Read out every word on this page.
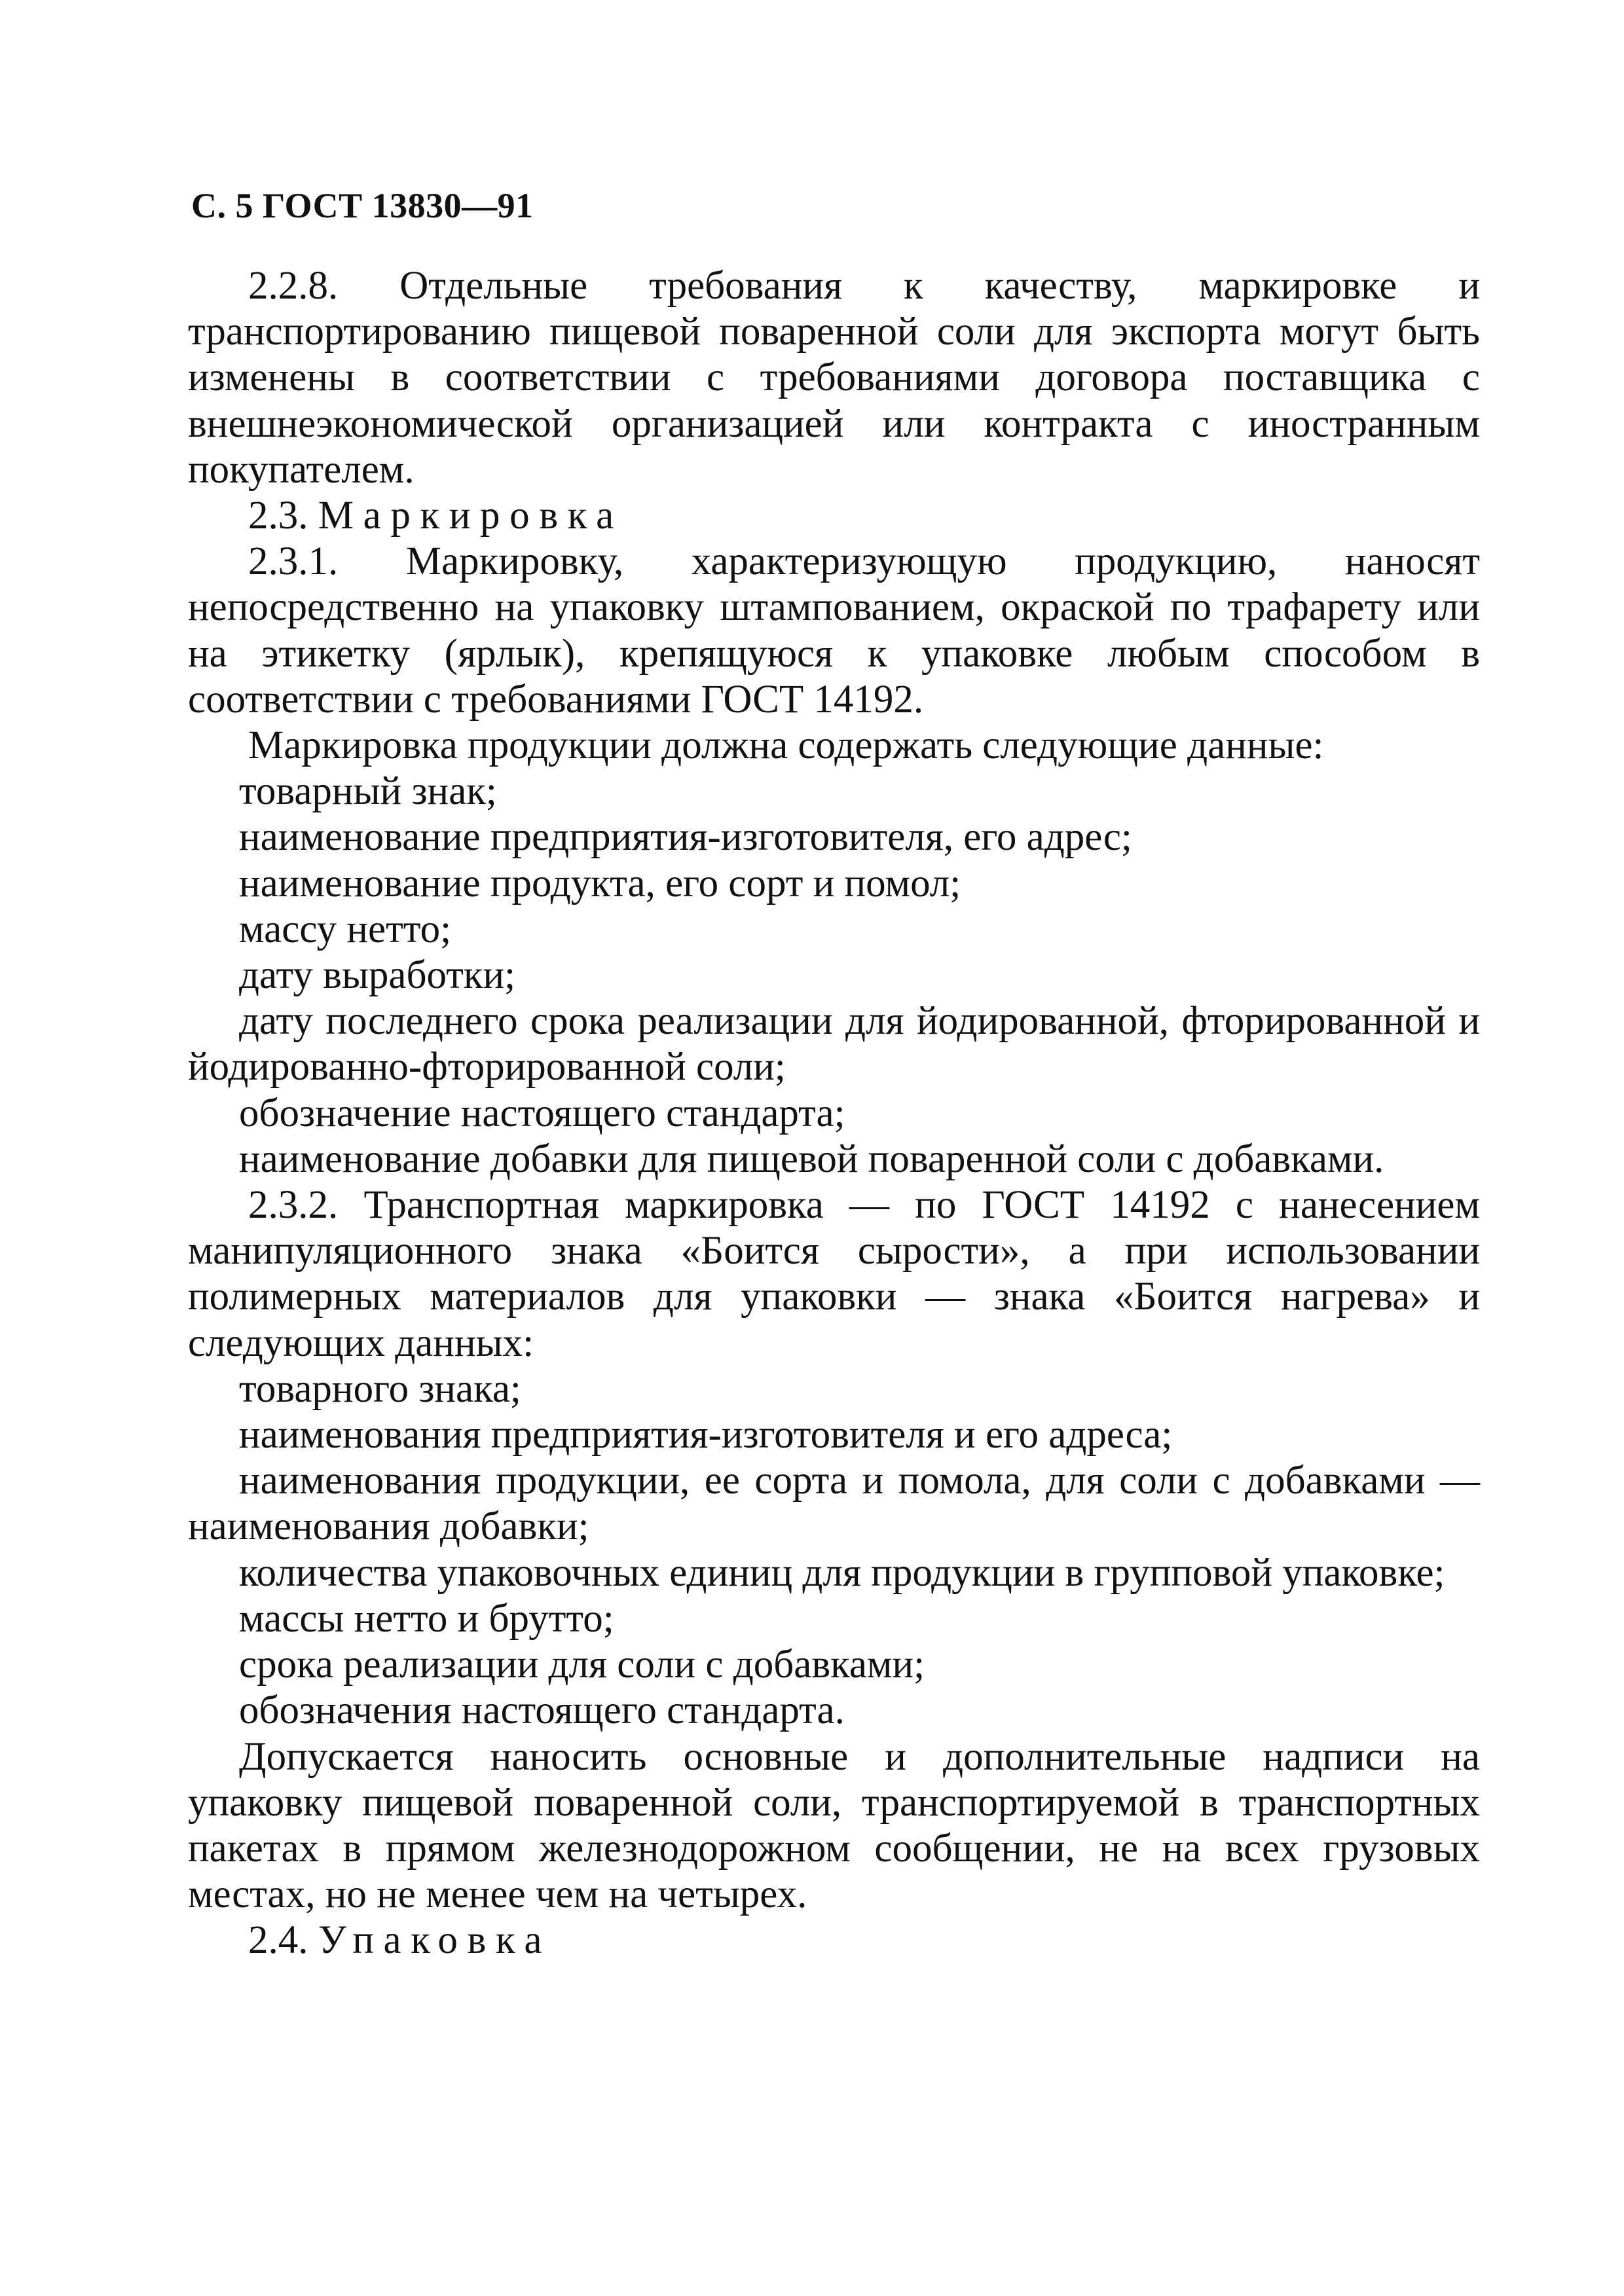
С. 5 ГОСТ 13830—91

2.2.8. Отдельные требования к качеству, маркировке и транспортированию пищевой поваренной соли для экспорта могут быть изменены в соответствии с требованиями договора поставщика с внешнеэкономической организацией или контракта с иностранным покупателем.

2.3. Маркировка

2.3.1. Маркировку, характеризующую продукцию, наносят непосредственно на упаковку штампованием, окраской по трафарету или на этикетку (ярлык), крепящуюся к упаковке любым способом в соответствии с требованиями ГОСТ 14192.

Маркировка продукции должна содержать следующие данные:

товарный знак;

наименование предприятия-изготовителя, его адрес;

наименование продукта, его сорт и помол;

массу нетто;

дату выработки;

дату последнего срока реализации для йодированной, фторированной и йодированно-фторированной соли;

обозначение настоящего стандарта;

наименование добавки для пищевой поваренной соли с добавками.

2.3.2. Транспортная маркировка — по ГОСТ 14192 с нанесением манипуляционного знака «Боится сырости», а при использовании полимерных материалов для упаковки — знака «Боится нагрева» и следующих данных:

товарного знака;

наименования предприятия-изготовителя и его адреса;

наименования продукции, ее сорта и помола, для соли с добавками — наименования добавки;

количества упаковочных единиц для продукции в групповой упаковке;

массы нетто и брутто;

срока реализации для соли с добавками;

обозначения настоящего стандарта.

Допускается наносить основные и дополнительные надписи на упаковку пищевой поваренной соли, транспортируемой в транспортных пакетах в прямом железнодорожном сообщении, не на всех грузовых местах, но не менее чем на четырех.

2.4. Упаковка
